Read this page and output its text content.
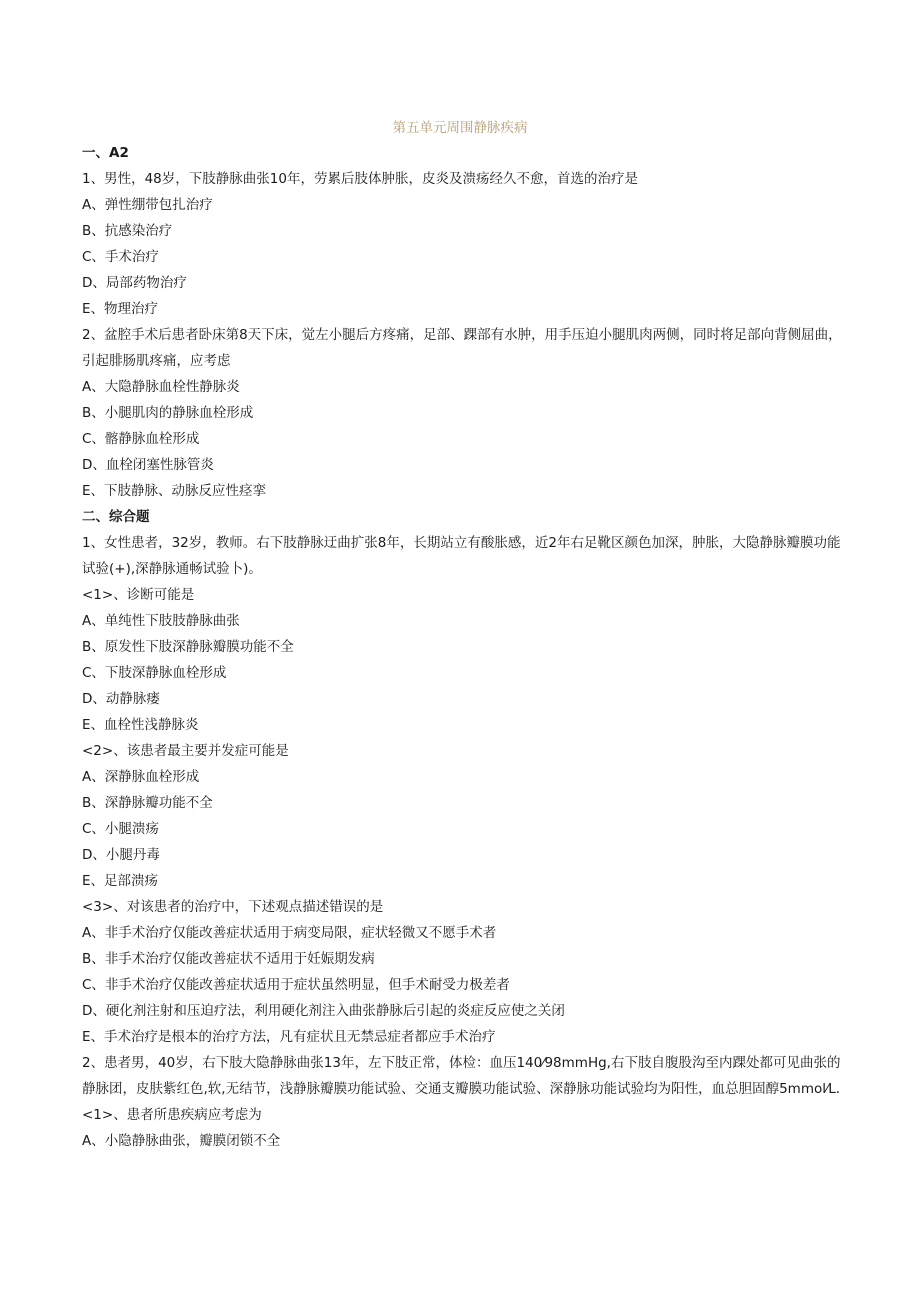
第五单元周围静脉疾病

一、A2

1、男性，48岁，下肢静脉曲张10年，劳累后肢体肿胀，皮炎及溃疡经久不愈，首选的治疗是

A、弹性绷带包扎治疗

B、抗感染治疗

C、手术治疗

D、局部药物治疗

E、物理治疗

2、盆腔手术后患者卧床第8天下床，觉左小腿后方疼痛，足部、踝部有水肿，用手压迫小腿肌肉两侧，同时将足部向背侧屈曲，引起腓肠肌疼痛，应考虑

A、大隐静脉血栓性静脉炎

B、小腿肌肉的静脉血栓形成

C、髂静脉血栓形成

D、血栓闭塞性脉管炎

E、下肢静脉、动脉反应性痉挛

二、综合题

1、女性患者，32岁，教师。右下肢静脉迂曲扩张8年，长期站立有酸胀感，近2年右足靴区颜色加深，肿胀，大隐静脉瓣膜功能试验(+),深静脉通畅试验卜)。

<1>、诊断可能是

A、单纯性下肢肢静脉曲张

B、原发性下肢深静脉瓣膜功能不全

C、下肢深静脉血栓形成

D、动静脉瘘

E、血栓性浅静脉炎

<2>、该患者最主要并发症可能是

A、深静脉血栓形成

B、深静脉瓣功能不全

C、小腿溃疡

D、小腿丹毒

E、足部溃疡

<3>、对该患者的治疗中，下述观点描述错误的是

A、非手术治疗仅能改善症状适用于病变局限，症状轻微又不愿手术者

B、非手术治疗仅能改善症状不适用于妊娠期发病

C、非手术治疗仅能改善症状适用于症状虽然明显，但手术耐受力极差者

D、硬化剂注射和压迫疗法，利用硬化剂注入曲张静脉后引起的炎症反应使之关闭

E、手术治疗是根本的治疗方法，凡有症状且无禁忌症者都应手术治疗

2、患者男，40岁，右下肢大隐静脉曲张13年，左下肢正常，体检：血压140⁄98mmHg,右下肢自腹股沟至内踝处都可见曲张的静脉团，皮肤紫红色,软,无结节，浅静脉瓣膜功能试验、交通支瓣膜功能试验、深静脉功能试验均为阳性，血总胆固醇5mmol⁄L.

<1>、患者所患疾病应考虑为

A、小隐静脉曲张，瓣膜闭锁不全
